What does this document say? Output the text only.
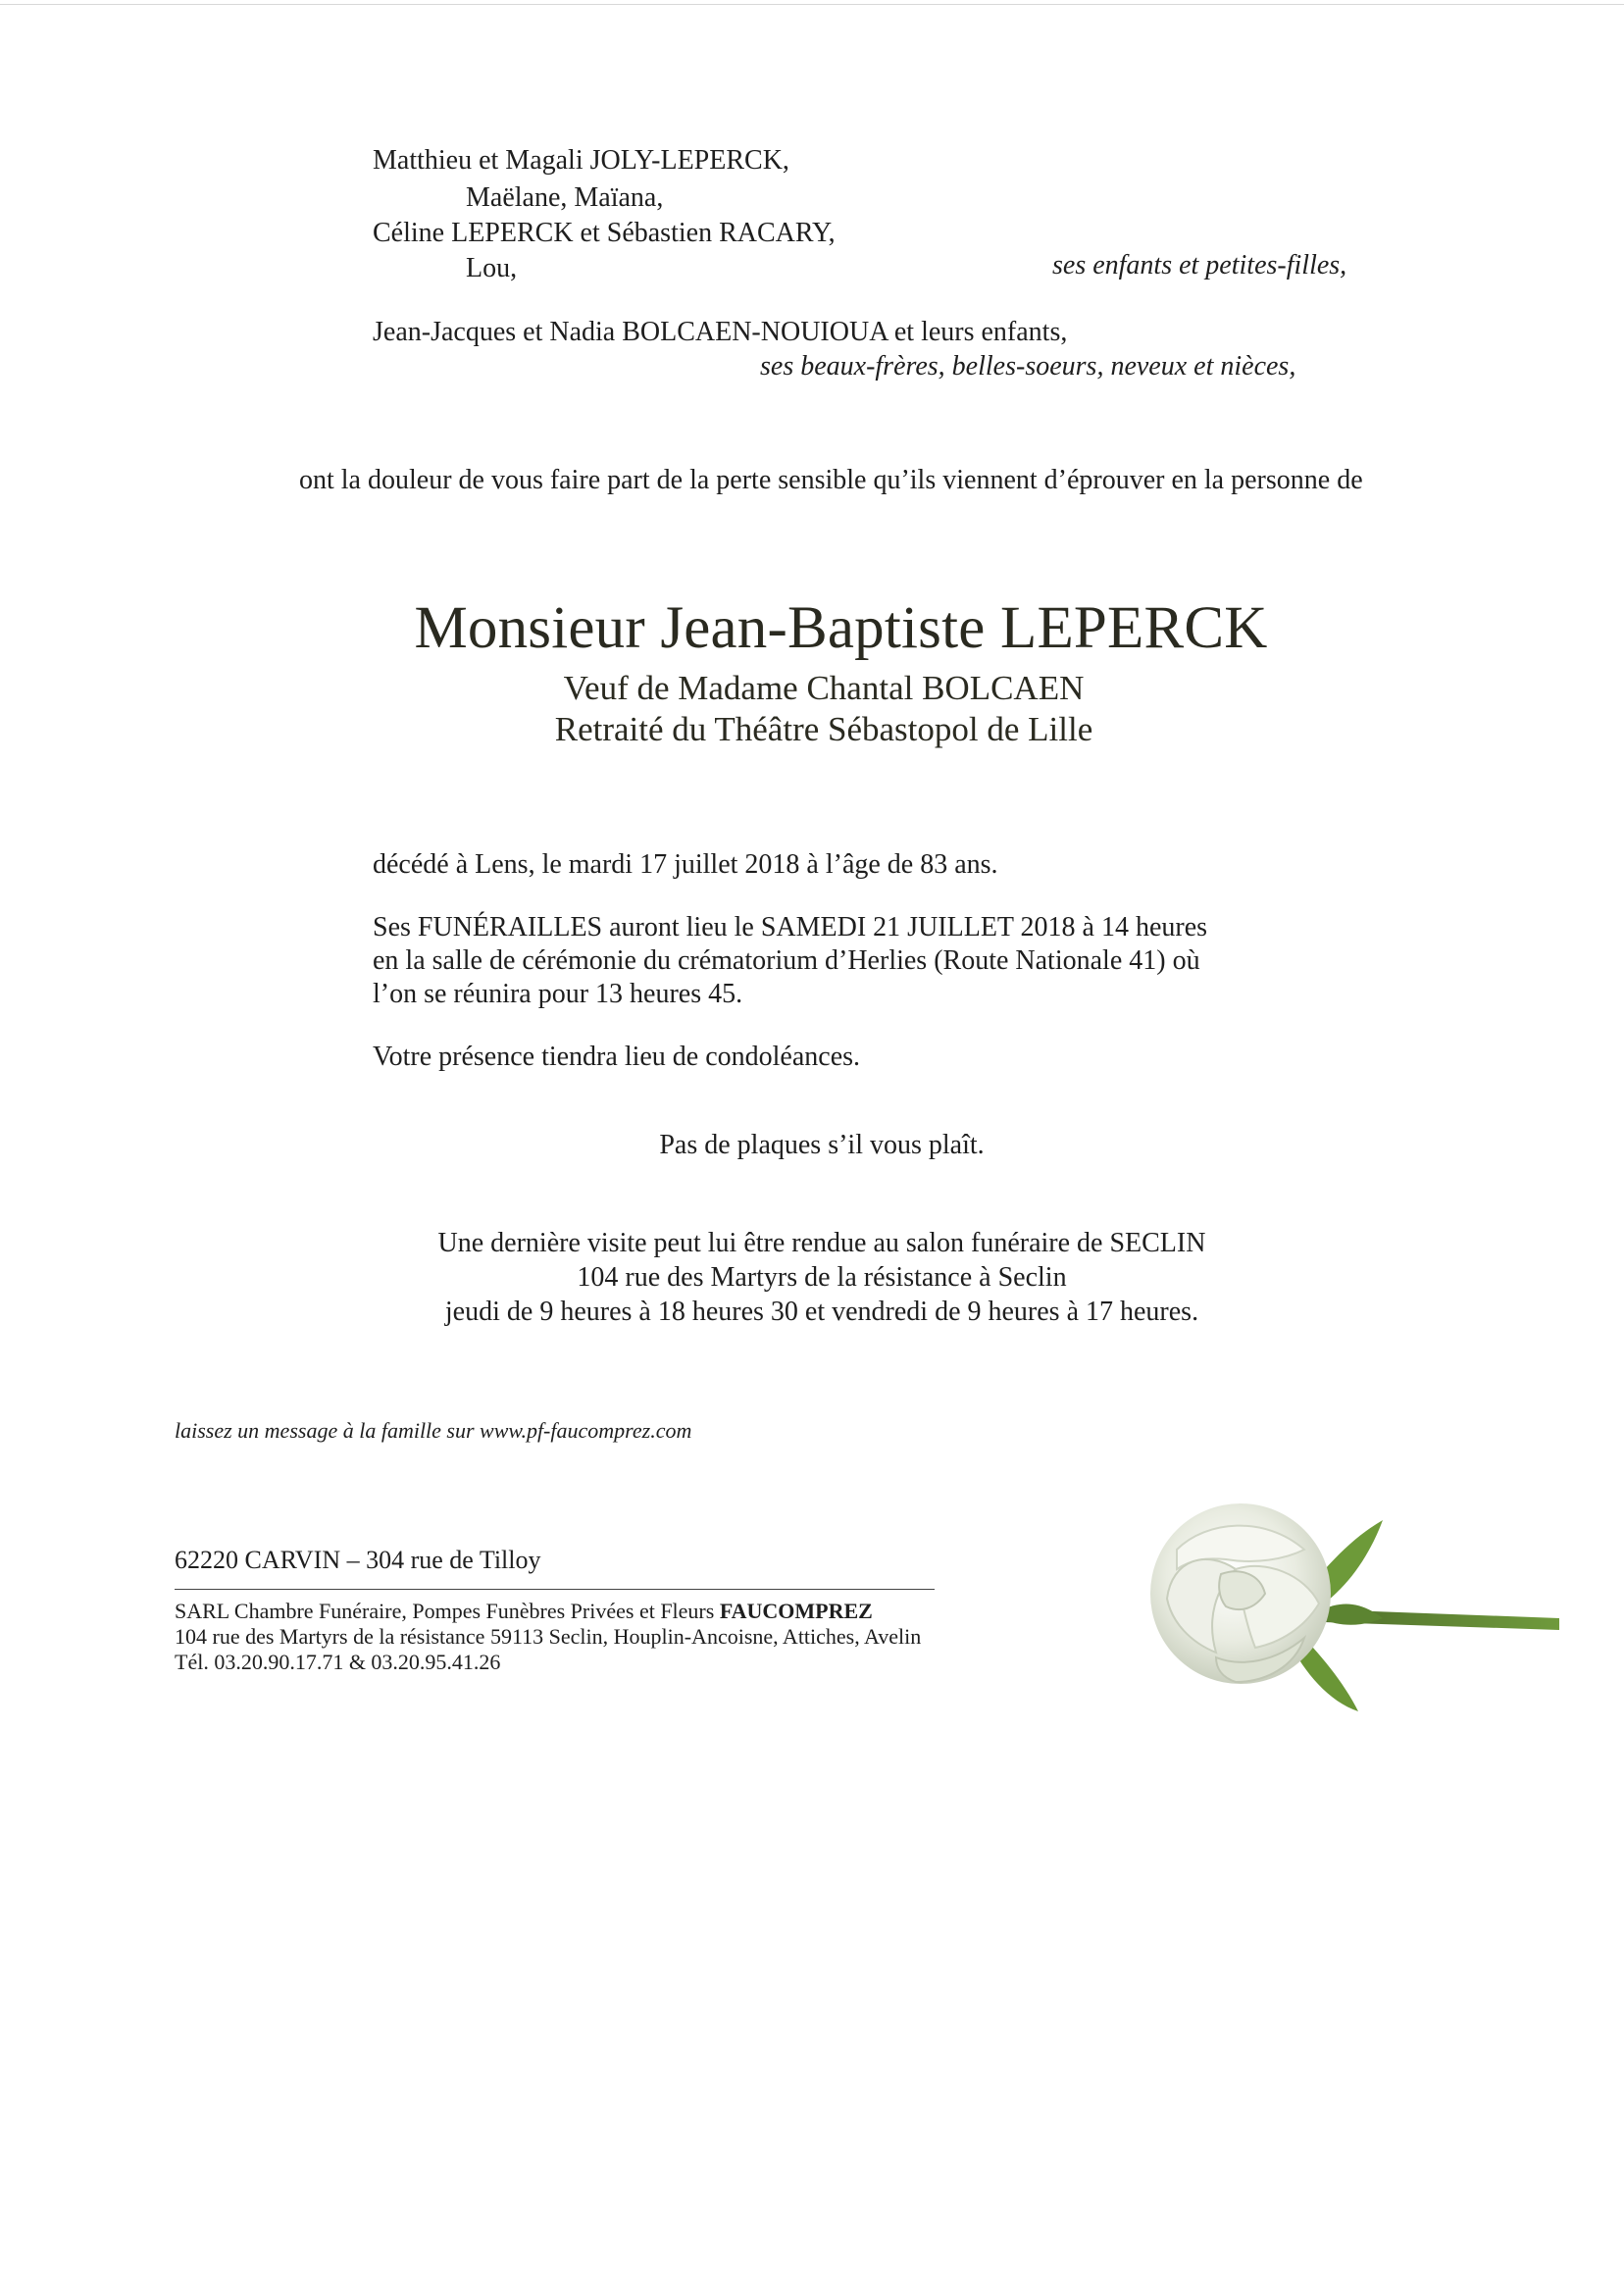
Matthieu et Magali JOLY-LEPERCK,
Maëlane, Maïana,
Céline LEPERCK et Sébastien RACARY,
Lou,	ses enfants et petites-filles,
Jean-Jacques et Nadia BOLCAEN-NOUIOUA et leurs enfants,
ses beaux-frères, belles-soeurs, neveux et nièces,
ont la douleur de vous faire part de la perte sensible qu’ils viennent d’éprouver en la personne de
Monsieur Jean-Baptiste LEPERCK
Veuf de Madame Chantal BOLCAEN
Retraité du Théâtre Sébastopol de Lille
décédé à Lens, le mardi 17 juillet 2018 à l’âge de 83 ans.
Ses FUNÉRAILLES auront lieu le SAMEDI 21 JUILLET 2018 à 14 heures
en la salle de cérémonie du crématorium d’Herlies (Route Nationale 41) où
l’on se réunira pour 13 heures 45.
Votre présence tiendra lieu de condoléances.
Pas de plaques s’il vous plaît.
Une dernière visite peut lui être rendue au salon funéraire de SECLIN
104 rue des Martyrs de la résistance à Seclin
jeudi de 9 heures à 18 heures 30 et vendredi de 9 heures à 17 heures.
laissez un message à la famille sur www.pf-faucomprez.com
62220 CARVIN – 304 rue de Tilloy
SARL Chambre Funéraire, Pompes Funèbres Privées et Fleurs FAUCOMPREZ
104 rue des Martyrs de la résistance 59113 Seclin, Houplin-Ancoisne, Attiches, Avelin
Tél. 03.20.90.17.71 & 03.20.95.41.26
